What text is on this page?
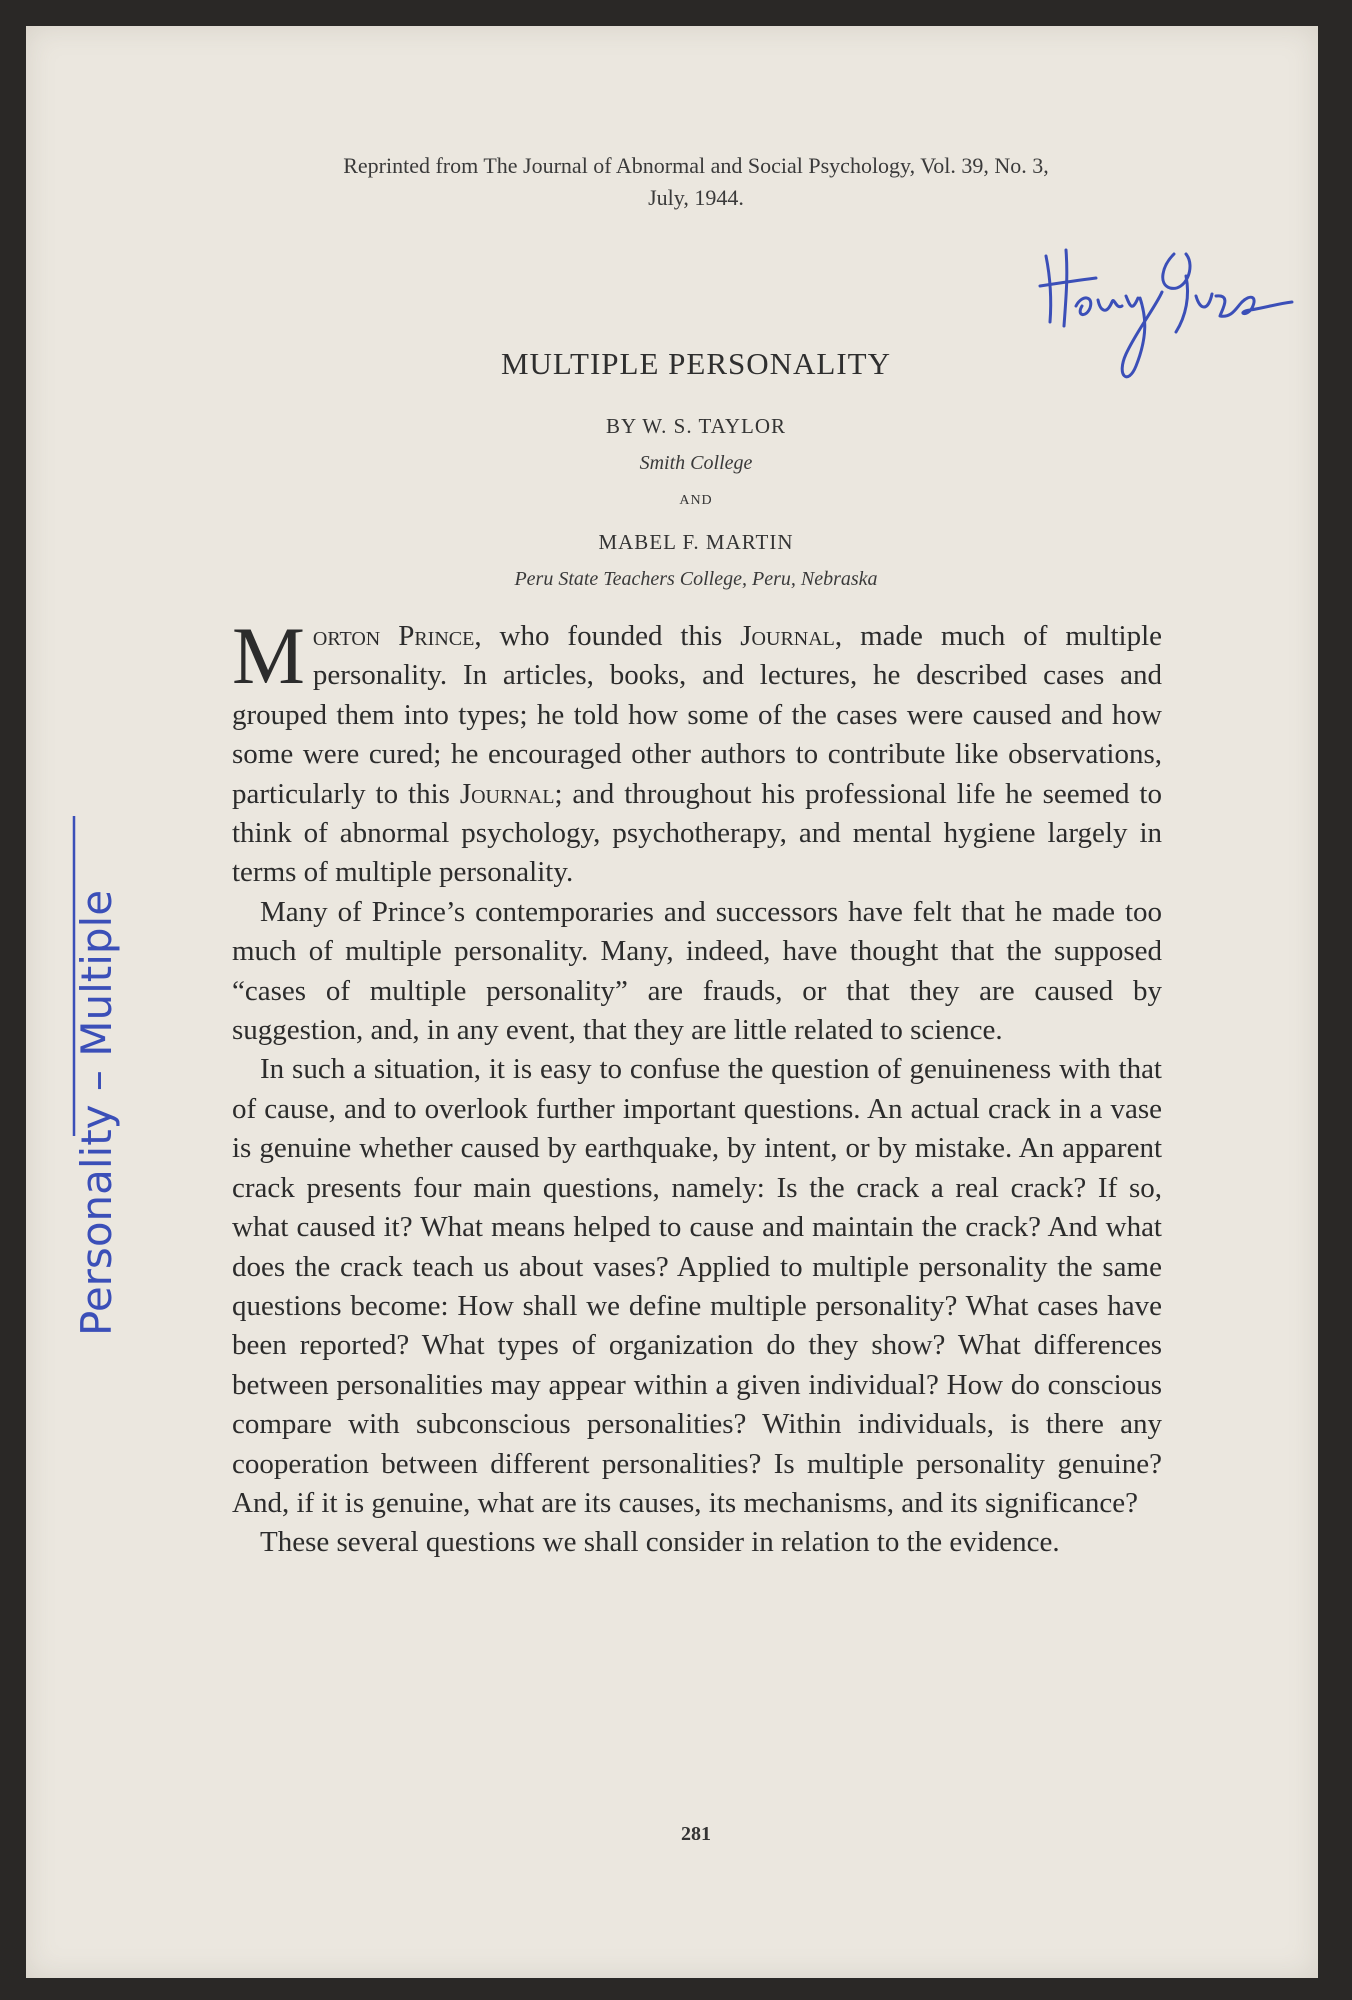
Reprinted from The Journal of Abnormal and Social Psychology, Vol. 39, No. 3,
July, 1944.
MULTIPLE PERSONALITY
BY W. S. TAYLOR
Smith College
AND
MABEL F. MARTIN
Peru State Teachers College, Peru, Nebraska

Morton Prince, who founded this Journal, made much of multiple personality. In articles, books, and lectures, he described cases and grouped them into types; he told how some of the cases were caused and how some were cured; he encouraged other authors to contribute like observations, particularly to this Journal; and throughout his professional life he seemed to think of abnormal psychology, psychotherapy, and mental hygiene largely in terms of multiple personality.

Many of Prince’s contemporaries and successors have felt that he made too much of multiple personality. Many, indeed, have thought that the supposed “cases of multiple personality” are frauds, or that they are caused by suggestion, and, in any event, that they are little related to science.

In such a situation, it is easy to confuse the question of genuineness with that of cause, and to overlook further important questions. An actual crack in a vase is genuine whether caused by earthquake, by intent, or by mistake. An apparent crack presents four main questions, namely: Is the crack a real crack? If so, what caused it? What means helped to cause and maintain the crack? And what does the crack teach us about vases? Applied to multiple personality the same questions become: How shall we define multiple personality? What cases have been reported? What types of organization do they show? What differences between personalities may appear within a given individual? How do conscious compare with subconscious personalities? Within individuals, is there any cooperation between different personalities? Is multiple personality genuine? And, if it is genuine, what are its causes, its mechanisms, and its significance?

These several questions we shall consider in relation to the evidence.

281
Personality – Multiple
